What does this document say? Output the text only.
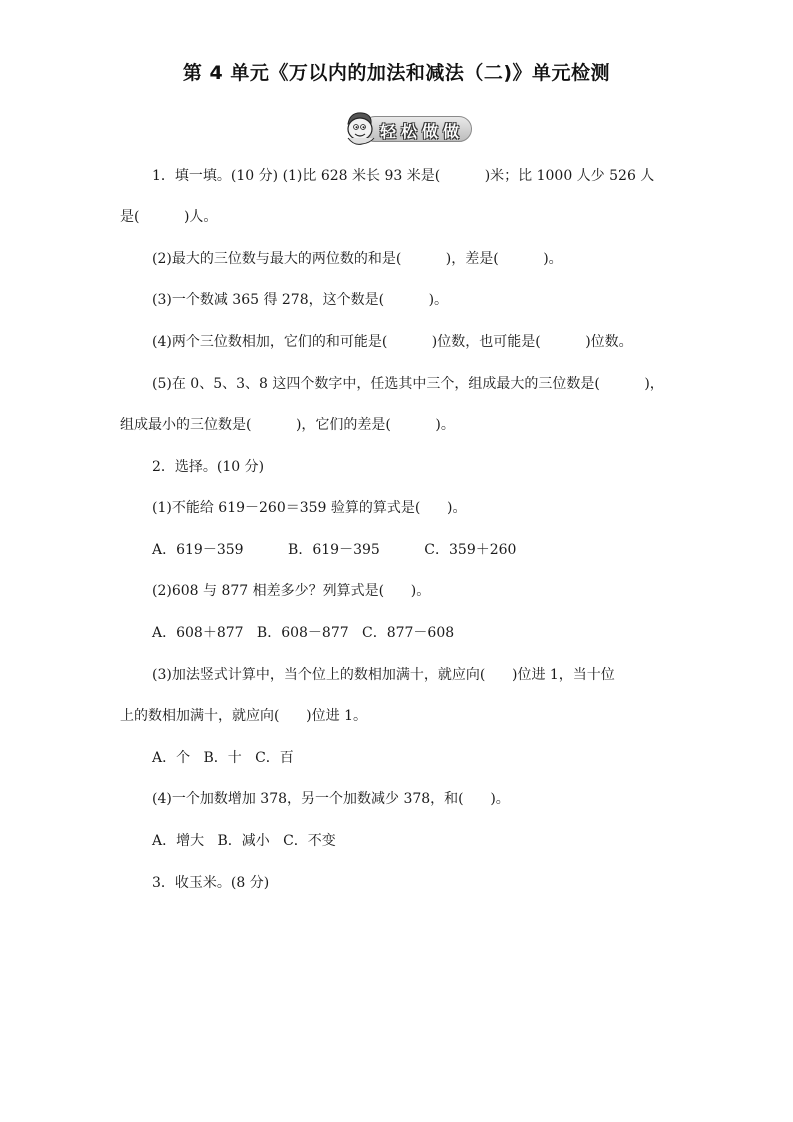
第 4 单元《万以内的加法和减法（二)》单元检测
轻松做做
1．填一填。(10 分) (1)比 628 米长 93 米是(          )米；比 1000 人少 526 人
是(          )人。
(2)最大的三位数与最大的两位数的和是(          )，差是(          )。
(3)一个数减 365 得 278，这个数是(          )。
(4)两个三位数相加，它们的和可能是(          )位数，也可能是(          )位数。
(5)在 0、5、3、8 这四个数字中，任选其中三个，组成最大的三位数是(          )，
组成最小的三位数是(          )，它们的差是(          )。
2．选择。(10 分)
(1)不能给 619－260＝359 验算的算式是(      )。
A．619－359          B．619－395          C．359＋260
(2)608 与 877 相差多少？列算式是(      )。
A．608＋877   B．608－877   C．877－608
(3)加法竖式计算中，当个位上的数相加满十，就应向(      )位进 1，当十位
上的数相加满十，就应向(      )位进 1。
A．个   B．十   C．百
(4)一个加数增加 378，另一个加数减少 378，和(      )。
A．增大   B．减小   C．不变
3．收玉米。(8 分)
